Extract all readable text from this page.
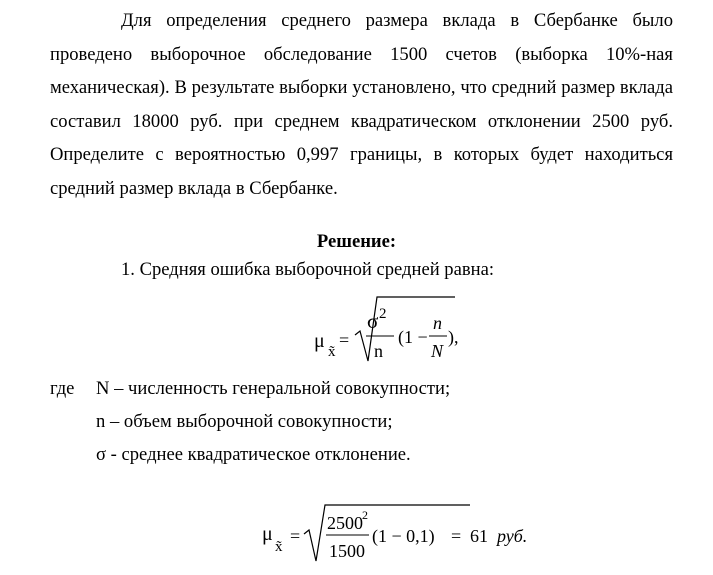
Для определения среднего размера вклада в Сбербанке было проведено выборочное обследование 1500 счетов (выборка 10%-ная механическая). В результате выборки установлено, что средний размер вклада составил 18000 руб. при среднем квадратическом отклонении 2500 руб. Определите с вероятностью 0,997 границы, в которых будет находиться средний размер вклада в Сбербанке.

Решение:

1. Средняя ошибка выборочной средней равна:

μ x̃
=
σ 2
n
(1 −
n
N
),

где N – численность генеральной совокупности;

n – объем выборочной совокупности;

σ - среднее квадратическое отклонение.

μ
x̃
=
2500 2
1500
(1 − 0,1) = 61 руб.
